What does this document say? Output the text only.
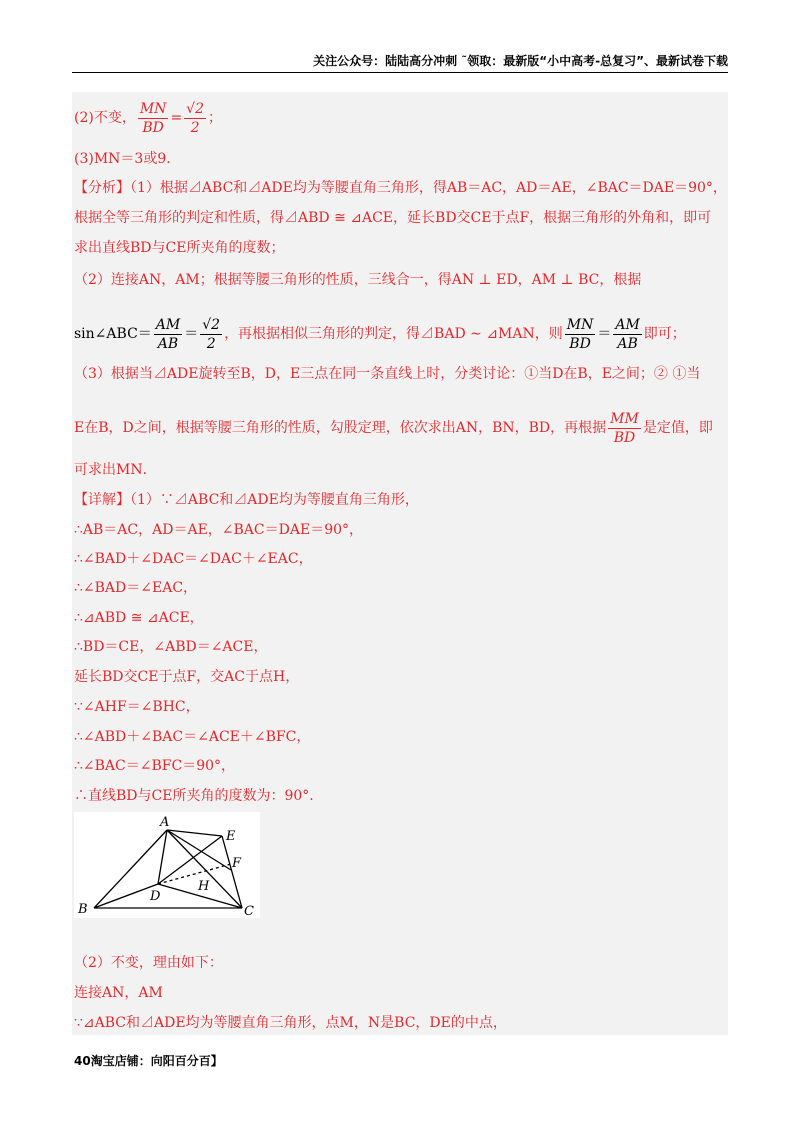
关注公众号：陆陆高分冲刺 ˜领取：最新版“小中高考-总复习”、最新试卷下载
(2)不变， $\frac{MN}{BD} = \frac{√2}{2}$ ；
(3)MN＝3或9．
【分析】（1）根据⊿ABC和⊿ADE均为等腰直角三角形，得AB＝AC，AD＝AE，∠BAC＝DAE＝90°，
根据全等三角形的判定和性质，得⊿ABD ≅ ⊿ACE，延长BD交CE于点F，根据三角形的外角和，即可
求出直线BD与CE所夹角的度数；
（2）连接AN，AM；根据等腰三角形的性质，三线合一，得AN ⊥ ED，AM ⊥ BC，根据
sin∠ABC＝ $\frac{AM}{AB} = \frac{√2}{2}$ ，再根据相似三角形的判定，得⊿BAD ∼ ⊿MAN，则 $\frac{MN}{BD} = \frac{AM}{AB}$ 即可；
（3）根据当⊿ADE旋转至B，D，E三点在同一条直线上时，分类讨论：①当D在B，E之间；② ①当
E在B，D之间，根据等腰三角形的性质，勾股定理，依次求出AN，BN，BD，再根据 $\frac{MM}{BD}$ 是定值，即
可求出MN．
【详解】（1）∵⊿ABC和⊿ADE均为等腰直角三角形，
∴AB＝AC，AD＝AE，∠BAC＝DAE＝90°，
∴∠BAD＋∠DAC＝∠DAC＋∠EAC，
∴∠BAD＝∠EAC，
∴⊿ABD ≅ ⊿ACE，
∴BD＝CE，∠ABD＝∠ACE，
延长BD交CE于点F，交AC于点H，
∵∠AHF＝∠BHC，
∴∠ABD＋∠BAC＝∠ACE＋∠BFC，
∴∠BAC＝∠BFC＝90°，
∴直线BD与CE所夹角的度数为：90°.
A
B	C
D
E
F
H
（2）不变，理由如下：
连接AN，AM
∵⊿ABC和⊿ADE均为等腰直角三角形，点M，N是BC，DE的中点，
40淘宝店铺：向阳百分百】
